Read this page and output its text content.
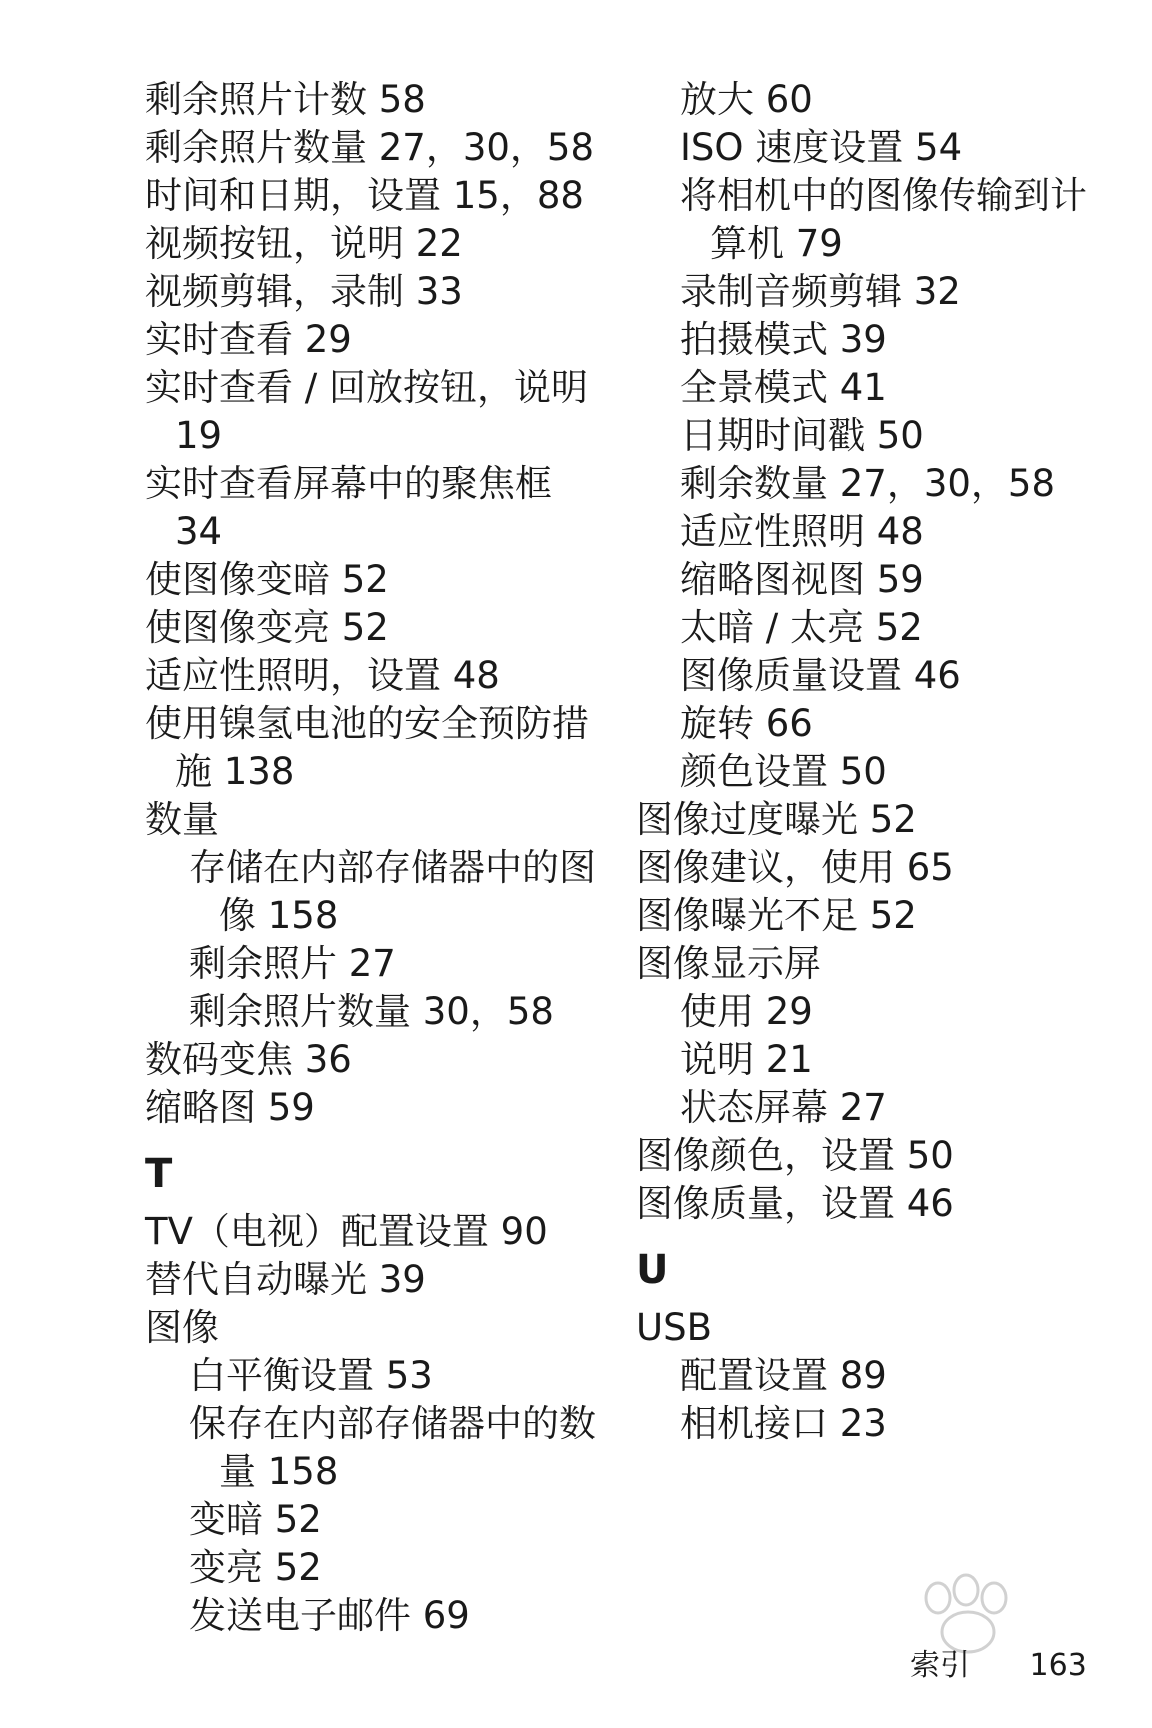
剩余照片计数 58
剩余照片数量 27，30，58
时间和日期，设置 15，88
视频按钮，说明 22
视频剪辑，录制 33
实时查看 29
实时查看 / 回放按钮，说明
19
实时查看屏幕中的聚焦框
34
使图像变暗 52
使图像变亮 52
适应性照明，设置 48
使用镍氢电池的安全预防措
施 138
数量
存储在内部存储器中的图
像 158
剩余照片 27
剩余照片数量 30，58
数码变焦 36
缩略图 59
T
TV（电视）配置设置 90
替代自动曝光 39
图像
白平衡设置 53
保存在内部存储器中的数
量 158
变暗 52
变亮 52
发送电子邮件 69
放大 60
ISO 速度设置 54
将相机中的图像传输到计
算机 79
录制音频剪辑 32
拍摄模式 39
全景模式 41
日期时间戳 50
剩余数量 27，30，58
适应性照明 48
缩略图视图 59
太暗 / 太亮 52
图像质量设置 46
旋转 66
颜色设置 50
图像过度曝光 52
图像建议，使用 65
图像曝光不足 52
图像显示屏
使用 29
说明 21
状态屏幕 27
图像颜色，设置 50
图像质量，设置 46
U
USB
配置设置 89
相机接口 23
索引 163
